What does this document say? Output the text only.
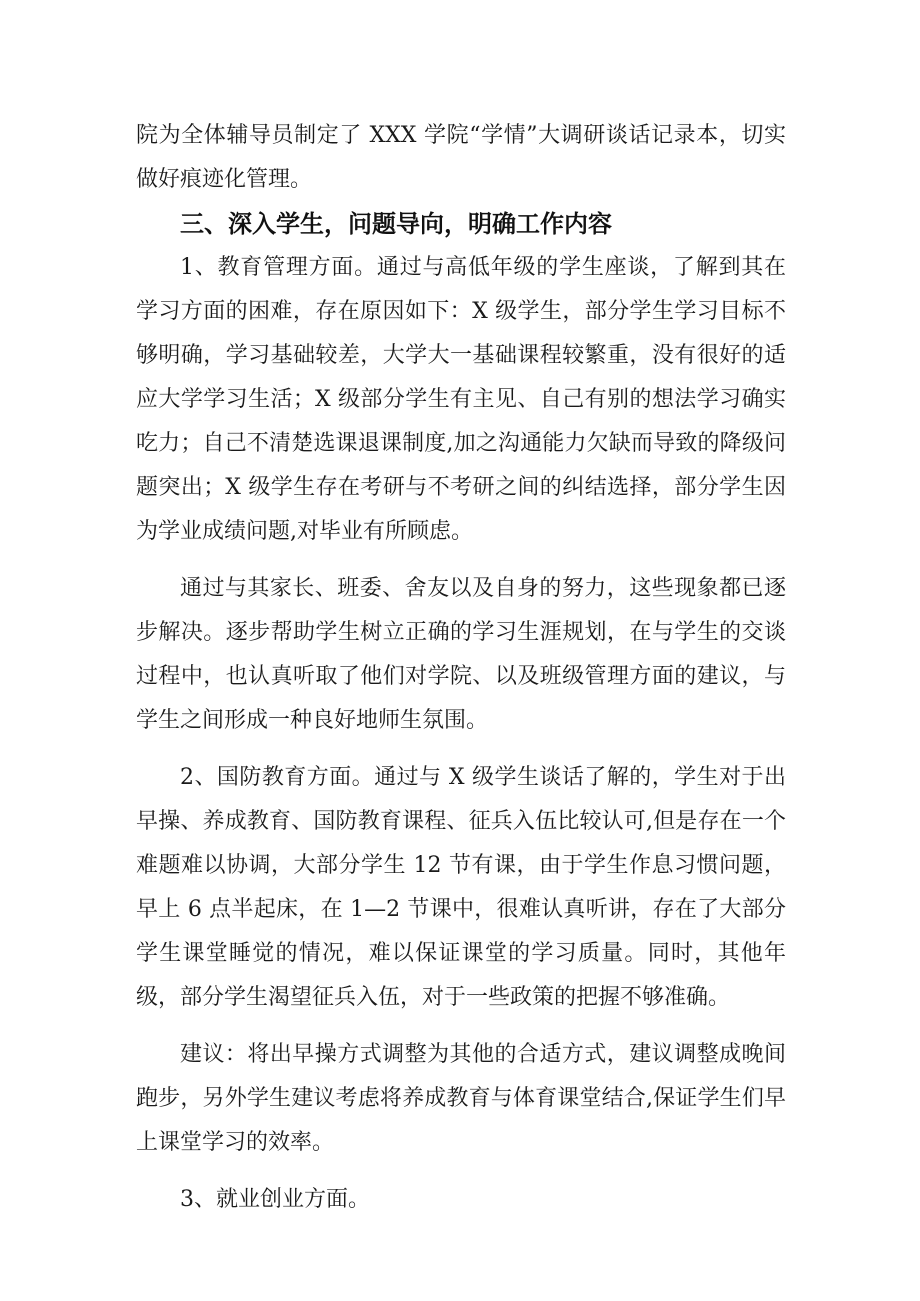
院为全体辅导员制定了 XXX 学院“学情”大调研谈话记录本，切实做好痕迹化管理。

三、深入学生，问题导向，明确工作内容

1、教育管理方面。通过与高低年级的学生座谈，了解到其在学习方面的困难，存在原因如下：X 级学生，部分学生学习目标不够明确，学习基础较差，大学大一基础课程较繁重，没有很好的适应大学学习生活；X 级部分学生有主见、自己有别的想法学习确实吃力；自己不清楚选课退课制度,加之沟通能力欠缺而导致的降级问题突出；X 级学生存在考研与不考研之间的纠结选择，部分学生因为学业成绩问题,对毕业有所顾虑。

通过与其家长、班委、舍友以及自身的努力，这些现象都已逐步解决。逐步帮助学生树立正确的学习生涯规划，在与学生的交谈过程中，也认真听取了他们对学院、以及班级管理方面的建议，与学生之间形成一种良好地师生氛围。

2、国防教育方面。通过与 X 级学生谈话了解的，学生对于出早操、养成教育、国防教育课程、征兵入伍比较认可,但是存在一个难题难以协调，大部分学生 12 节有课，由于学生作息习惯问题，早上 6 点半起床，在 1—2 节课中，很难认真听讲，存在了大部分学生课堂睡觉的情况，难以保证课堂的学习质量。同时，其他年级，部分学生渴望征兵入伍，对于一些政策的把握不够准确。

建议：将出早操方式调整为其他的合适方式，建议调整成晚间跑步，另外学生建议考虑将养成教育与体育课堂结合,保证学生们早上课堂学习的效率。

3、就业创业方面。
